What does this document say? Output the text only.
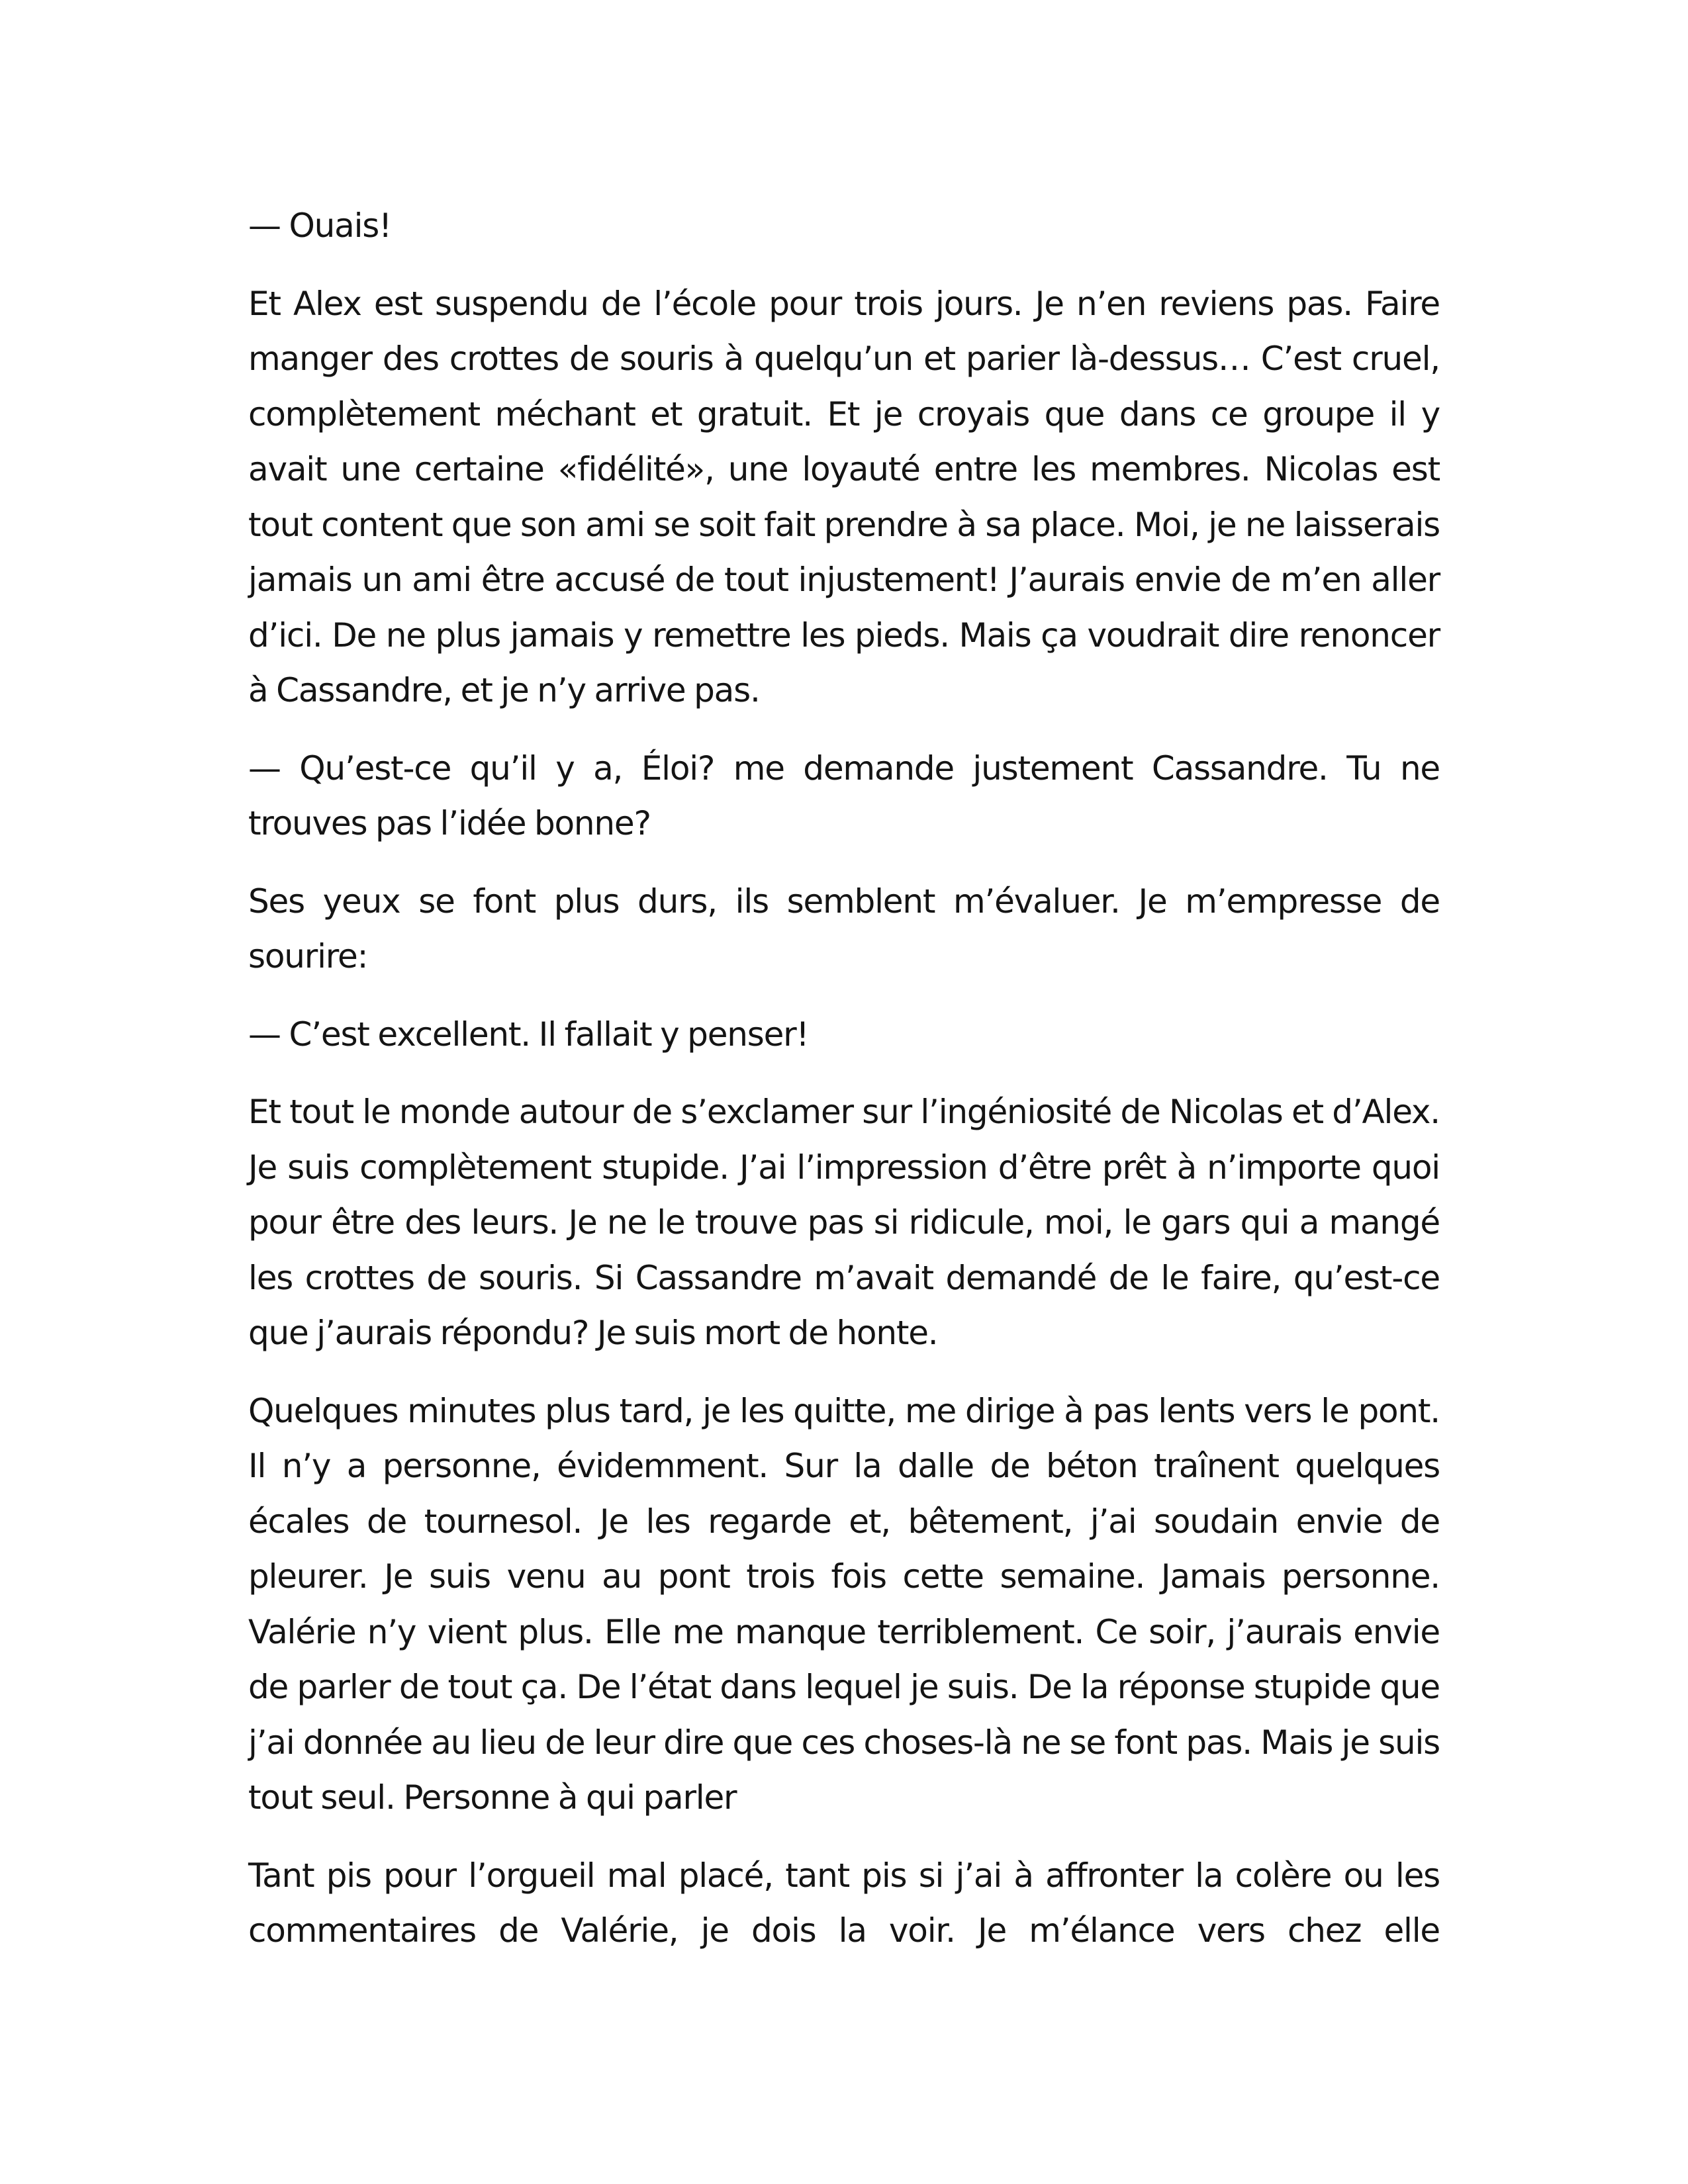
— Ouais!

Et Alex est suspendu de l’école pour trois jours. Je n’en reviens pas. Faire manger des crottes de souris à quelqu’un et parier là-dessus… C’est cruel, complètement méchant et gratuit. Et je croyais que dans ce groupe il y avait une certaine «fidélité», une loyauté entre les membres. Nicolas est tout content que son ami se soit fait prendre à sa place. Moi, je ne laisserais jamais un ami être accusé de tout injustement! J’aurais envie de m’en aller d’ici. De ne plus jamais y remettre les pieds. Mais ça voudrait dire renoncer à Cassandre, et je n’y arrive pas.

— Qu’est-ce qu’il y a, Éloi? me demande justement Cassandre. Tu ne trouves pas l’idée bonne?

Ses yeux se font plus durs, ils semblent m’évaluer. Je m’empresse de sourire:

— C’est excellent. Il fallait y penser!

Et tout le monde autour de s’exclamer sur l’ingéniosité de Nicolas et d’Alex. Je suis complètement stupide. J’ai l’impression d’être prêt à n’importe quoi pour être des leurs. Je ne le trouve pas si ridicule, moi, le gars qui a mangé les crottes de souris. Si Cassandre m’avait demandé de le faire, qu’est-ce que j’aurais répondu? Je suis mort de honte.

Quelques minutes plus tard, je les quitte, me dirige à pas lents vers le pont. Il n’y a personne, évidemment. Sur la dalle de béton traînent quelques écales de tournesol. Je les regarde et, bêtement, j’ai soudain envie de pleurer. Je suis venu au pont trois fois cette semaine. Jamais personne. Valérie n’y vient plus. Elle me manque terriblement. Ce soir, j’aurais envie de parler de tout ça. De l’état dans lequel je suis. De la réponse stupide que j’ai donnée au lieu de leur dire que ces choses-là ne se font pas. Mais je suis tout seul. Personne à qui parler

Tant pis pour l’orgueil mal placé, tant pis si j’ai à affronter la colère ou les commentaires de Valérie, je dois la voir. Je m’élance vers chez elle
